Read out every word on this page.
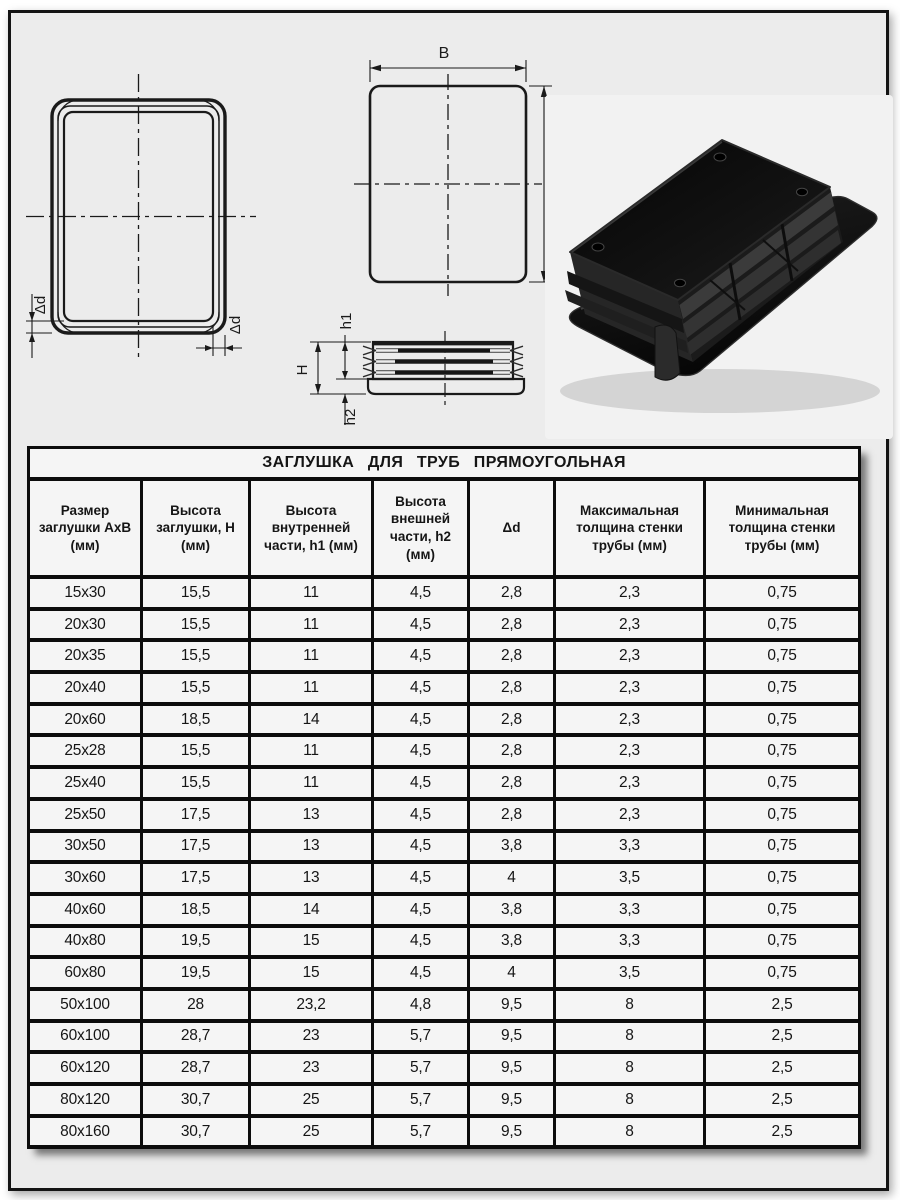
Δd
Δd
B
h1
H
h2
ЗАГЛУШКА ДЛЯ ТРУБ ПРЯМОУГОЛЬНАЯ						
Размер заглушки АхВ (мм)	Высота заглушки, Н (мм)	Высота внутренней части, h1 (мм)	Высота внешней части, h2 (мм)	Δd	Максимальная толщина стенки трубы (мм)	Минимальная толщина стенки трубы (мм)
15x30	15,5	11	4,5	2,8	2,3	0,75
20x30	15,5	11	4,5	2,8	2,3	0,75
20x35	15,5	11	4,5	2,8	2,3	0,75
20x40	15,5	11	4,5	2,8	2,3	0,75
20x60	18,5	14	4,5	2,8	2,3	0,75
25x28	15,5	11	4,5	2,8	2,3	0,75
25x40	15,5	11	4,5	2,8	2,3	0,75
25x50	17,5	13	4,5	2,8	2,3	0,75
30x50	17,5	13	4,5	3,8	3,3	0,75
30x60	17,5	13	4,5	4	3,5	0,75
40x60	18,5	14	4,5	3,8	3,3	0,75
40x80	19,5	15	4,5	3,8	3,3	0,75
60x80	19,5	15	4,5	4	3,5	0,75
50x100	28	23,2	4,8	9,5	8	2,5
60x100	28,7	23	5,7	9,5	8	2,5
60x120	28,7	23	5,7	9,5	8	2,5
80x120	30,7	25	5,7	9,5	8	2,5
80x160	30,7	25	5,7	9,5	8	2,5
